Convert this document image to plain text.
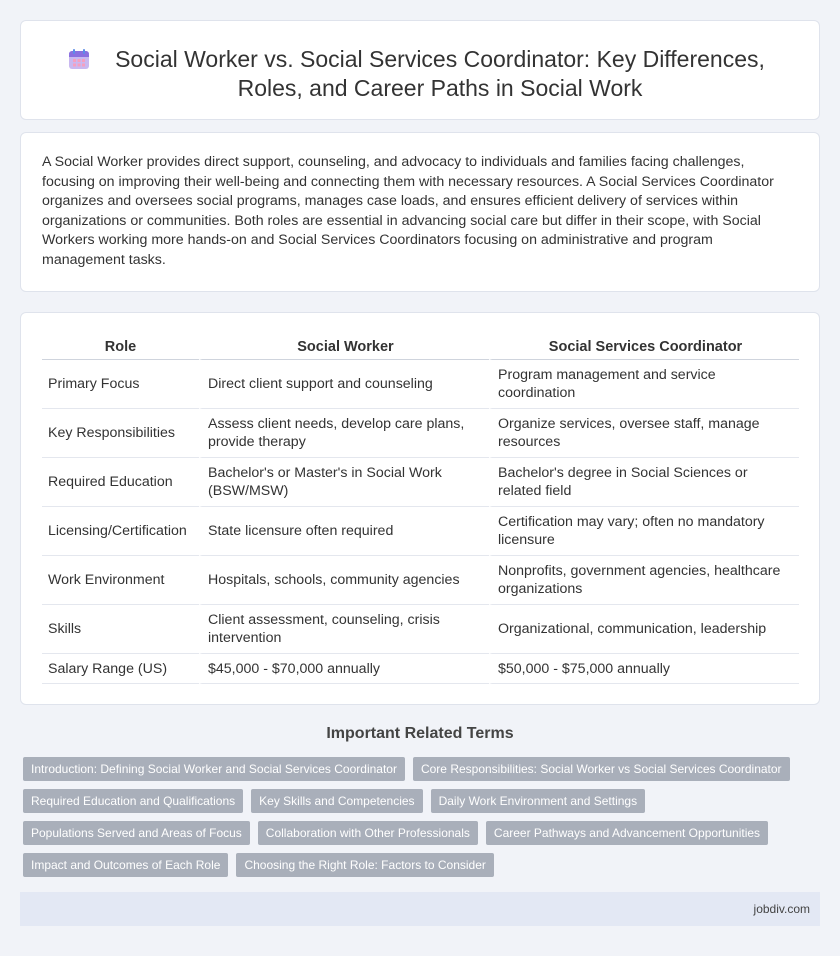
Social Worker vs. Social Services Coordinator: Key Differences, Roles, and Career Paths in Social Work

A Social Worker provides direct support, counseling, and advocacy to individuals and families facing challenges, focusing on improving their well-being and connecting them with necessary resources. A Social Services Coordinator organizes and oversees social programs, manages case loads, and ensures efficient delivery of services within organizations or communities. Both roles are essential in advancing social care but differ in their scope, with Social Workers working more hands-on and Social Services Coordinators focusing on administrative and program management tasks.

Role	Social Worker	Social Services Coordinator
Primary Focus	Direct client support and counseling	Program management and service coordination
Key Responsibilities	Assess client needs, develop care plans, provide therapy	Organize services, oversee staff, manage resources
Required Education	Bachelor's or Master's in Social Work (BSW/MSW)	Bachelor's degree in Social Sciences or related field
Licensing/Certification	State licensure often required	Certification may vary; often no mandatory licensure
Work Environment	Hospitals, schools, community agencies	Nonprofits, government agencies, healthcare organizations
Skills	Client assessment, counseling, crisis intervention	Organizational, communication, leadership
Salary Range (US)	$45,000 - $70,000 annually	$50,000 - $75,000 annually
Important Related Terms
Introduction: Defining Social Worker and Social Services Coordinator	Core Responsibilities: Social Worker vs Social Services Coordinator
Required Education and Qualifications	Key Skills and Competencies	Daily Work Environment and Settings
Populations Served and Areas of Focus	Collaboration with Other Professionals	Career Pathways and Advancement Opportunities
Impact and Outcomes of Each Role	Choosing the Right Role: Factors to Consider
jobdiv.com
